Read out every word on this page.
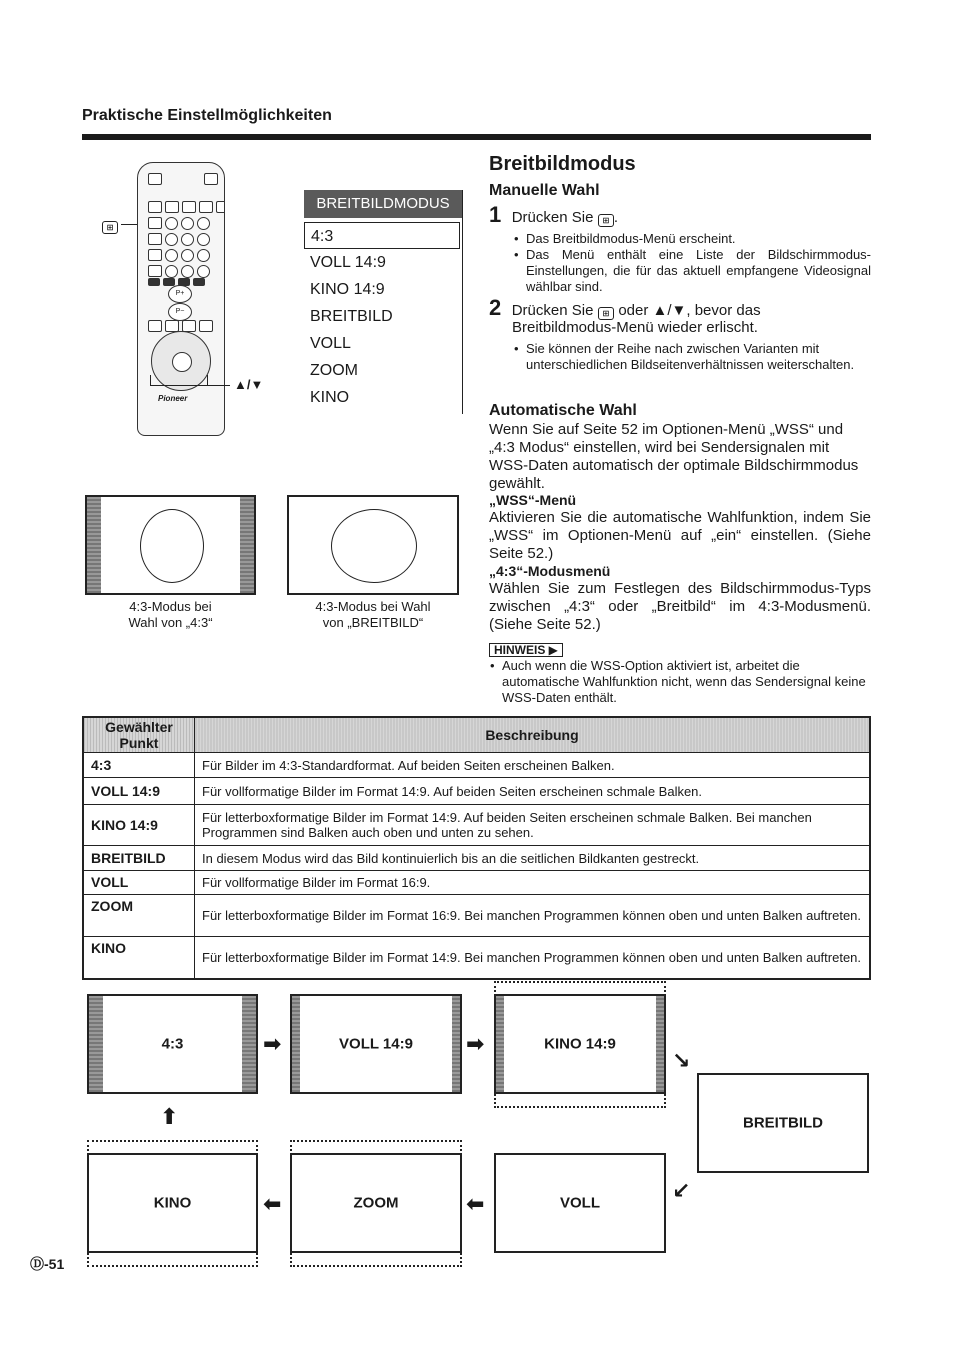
Praktische Einstellmöglichkeiten
⊞
P+
P−
Pioneer
▲/▼
BREITBILDMODUS
4:3
VOLL 14:9
KINO 14:9
BREITBILD
VOLL
ZOOM
KINO
4:3-Modus bei
Wahl von „4:3“
4:3-Modus bei Wahl
von „BREITBILD“
Breitbildmodus
Manuelle Wahl
1 Drücken Sie ⊞ .
• Das Breitbildmodus-Menü erscheint.
• Das Menü enthält eine Liste der Bildschirmmodus-Einstellungen, die für das aktuell empfangene Videosignal wählbar sind.
2 Drücken Sie ⊞ oder ▲/▼, bevor das
Breitbildmodus-Menü wieder erlischt.
• Sie können der Reihe nach zwischen Varianten mit unterschiedlichen Bildseitenverhältnissen weiterschalten.
Automatische Wahl
Wenn Sie auf Seite 52 im Optionen-Menü „WSS“ und „4:3 Modus“ einstellen, wird bei Sendersignalen mit WSS-Daten automatisch der optimale Bildschirmmodus gewählt.
„WSS“-Menü
Aktivieren Sie die automatische Wahlfunktion, indem Sie „WSS“ im Optionen-Menü auf „ein“ einstellen. (Siehe Seite 52.)
„4:3“-Modusmenü
Wählen Sie zum Festlegen des Bildschirmmodus-Typs zwischen „4:3“ oder „Breitbild“ im 4:3-Modusmenü. (Siehe Seite 52.)
HINWEIS ▶
• Auch wenn die WSS-Option aktiviert ist, arbeitet die automatische Wahlfunktion nicht, wenn das Sendersignal keine WSS-Daten enthält.
Gewählter Punkt	Beschreibung
4:3	Für Bilder im 4:3-Standardformat. Auf beiden Seiten erscheinen Balken.
VOLL 14:9	Für vollformatige Bilder im Format 14:9. Auf beiden Seiten erscheinen schmale Balken.
KINO 14:9	Für letterboxformatige Bilder im Format 14:9. Auf beiden Seiten erscheinen schmale Balken. Bei manchen Programmen sind Balken auch oben und unten zu sehen.
BREITBILD	In diesem Modus wird das Bild kontinuierlich bis an die seitlichen Bildkanten gestreckt.
VOLL	Für vollformatige Bilder im Format 16:9.
ZOOM	Für letterboxformatige Bilder im Format 16:9. Bei manchen Programmen können oben und unten Balken auftreten.
KINO	Für letterboxformatige Bilder im Format 14:9. Bei manchen Programmen können oben und unten Balken auftreten.
4:3	➡	VOLL 14:9	➡	KINO 14:9
↘
BREITBILD
↙
VOLL
⬅
ZOOM
⬅
KINO
⬆
Ⓓ-51
